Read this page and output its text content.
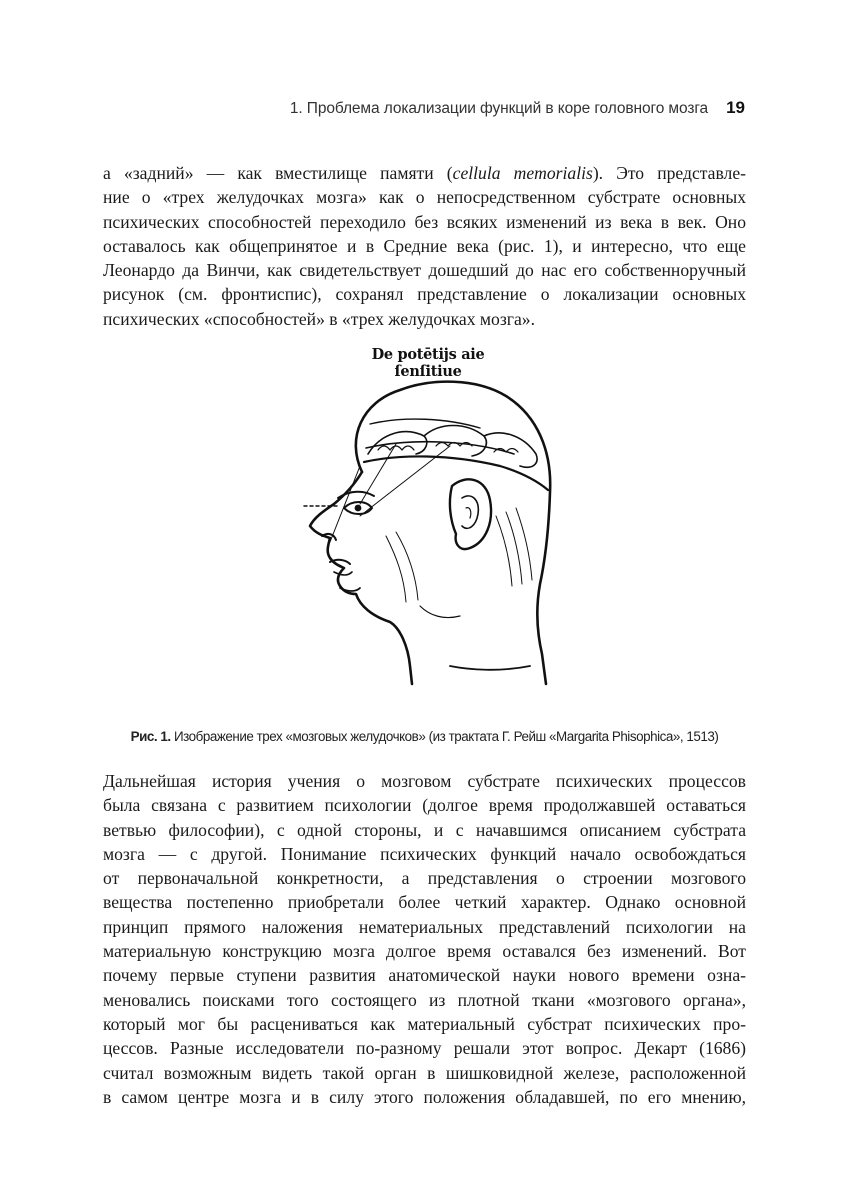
1. Проблема локализации функций в коре головного мозга 19
а «задний» — как вместилище памяти (cellula memorialis). Это представле-
ние о «трех желудочках мозга» как о непосредственном субстрате основных
психических способностей переходило без всяких изменений из века в век. Оно
оставалось как общепринятое и в Средние века (рис. 1), и интересно, что еще
Леонардо да Винчи, как свидетельствует дошедший до нас его собственноручный
рисунок (см. фронтиспис), сохранял представление о локализации основных
психических «способностей» в «трех желудочках мозга».
De potētijs aie ſenſitiue
Рис. 1. Изображение трех «мозговых желудочков» (из трактата Г. Рейш «Margarita Phisophica», 1513)
Дальнейшая история учения о мозговом субстрате психических процессов
была связана с развитием психологии (долгое время продолжавшей оставаться
ветвью философии), с одной стороны, и с начавшимся описанием субстрата
мозга — с другой. Понимание психических функций начало освобождаться
от первоначальной конкретности, а представления о строении мозгового
вещества постепенно приобретали более четкий характер. Однако основной
принцип прямого наложения нематериальных представлений психологии на
материальную конструкцию мозга долгое время оставался без изменений. Вот
почему первые ступени развития анатомической науки нового времени озна-
меновались поисками того состоящего из плотной ткани «мозгового органа»,
который мог бы расцениваться как материальный субстрат психических про-
цессов. Разные исследователи по-разному решали этот вопрос. Декарт (1686)
считал возможным видеть такой орган в шишковидной железе, расположенной
в самом центре мозга и в силу этого положения обладавшей, по его мнению,
